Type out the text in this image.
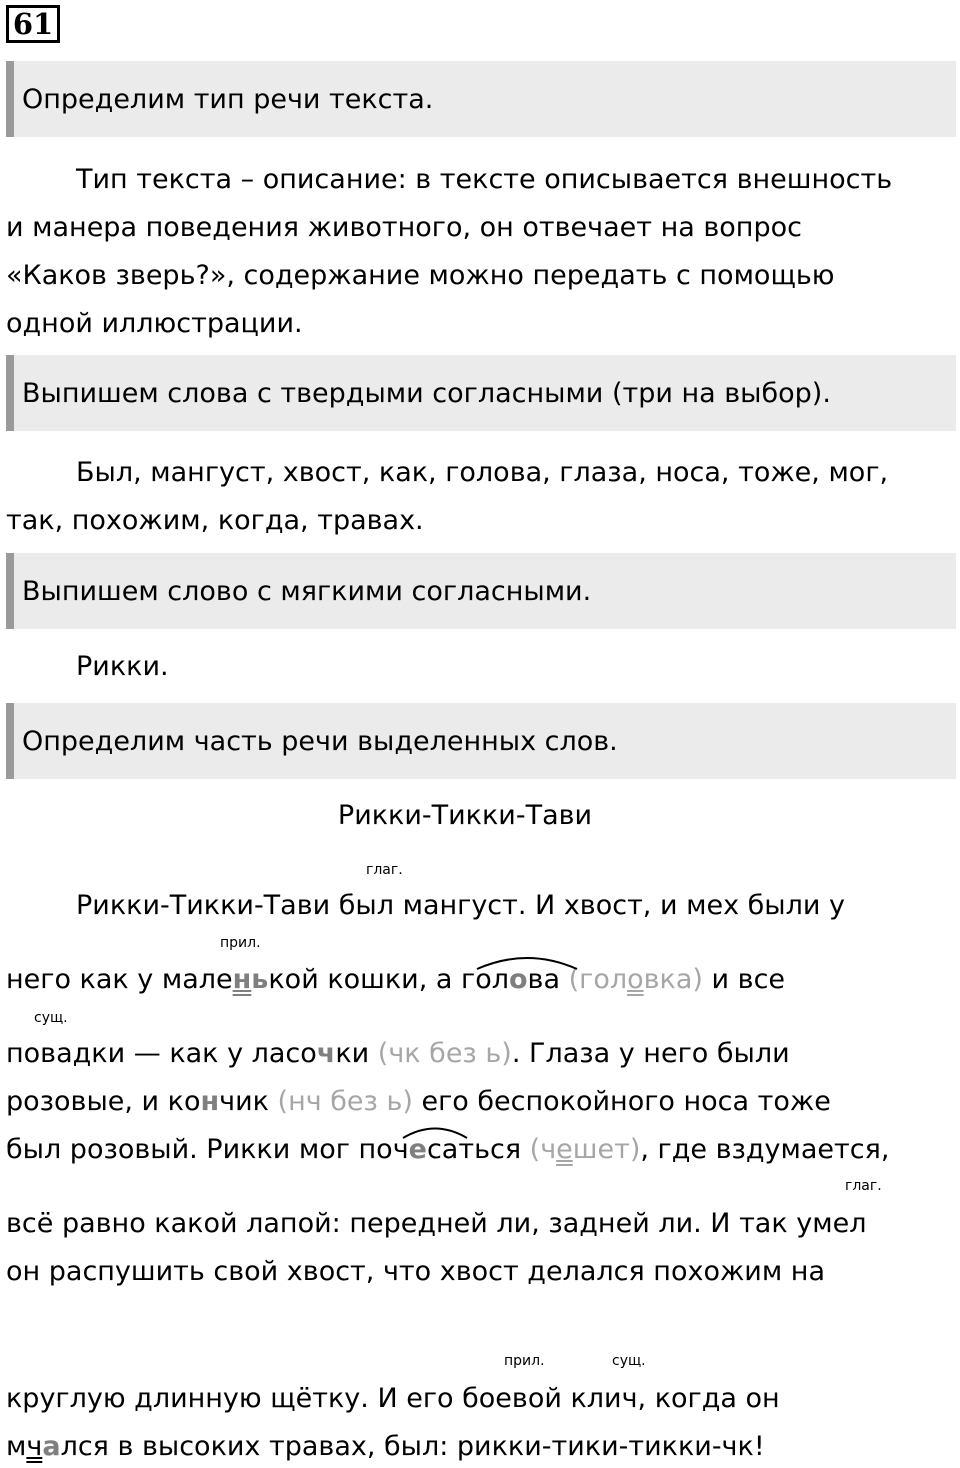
61
Определим тип речи текста.
Тип текста – описание: в тексте описывается внешность
и манера поведения животного, он отвечает на вопрос
«Каков зверь?», содержание можно передать с помощью
одной иллюстрации.
Выпишем слова с твердыми согласными (три на выбор).
Был, мангуст, хвост, как, голова, глаза, носа, тоже, мог,
так, похожим, когда, травах.
Выпишем слово с мягкими согласными.
Рикки.
Определим часть речи выделенных слов.
Рикки-Тикки-Тави
глаг.
прил.
сущ.
глаг.
прил.	сущ.
Рикки-Тикки-Тави был мангуст. И хвост, и мех были у
него как у маленькой кошки, а голова (головка) и все
повадки — как у ласочки (чк без ь). Глаза у него были
розовые, и кончик (нч без ь) его беспокойного носа тоже
был розовый. Рикки мог почесаться (чешет), где вздумается,
всё равно какой лапой: передней ли, задней ли. И так умел
он распушить свой хвост, что хвост делался похожим на
круглую длинную щётку. И его боевой клич, когда он
мчался в высоких травах, был: рикки-тики-тикки-чк!
